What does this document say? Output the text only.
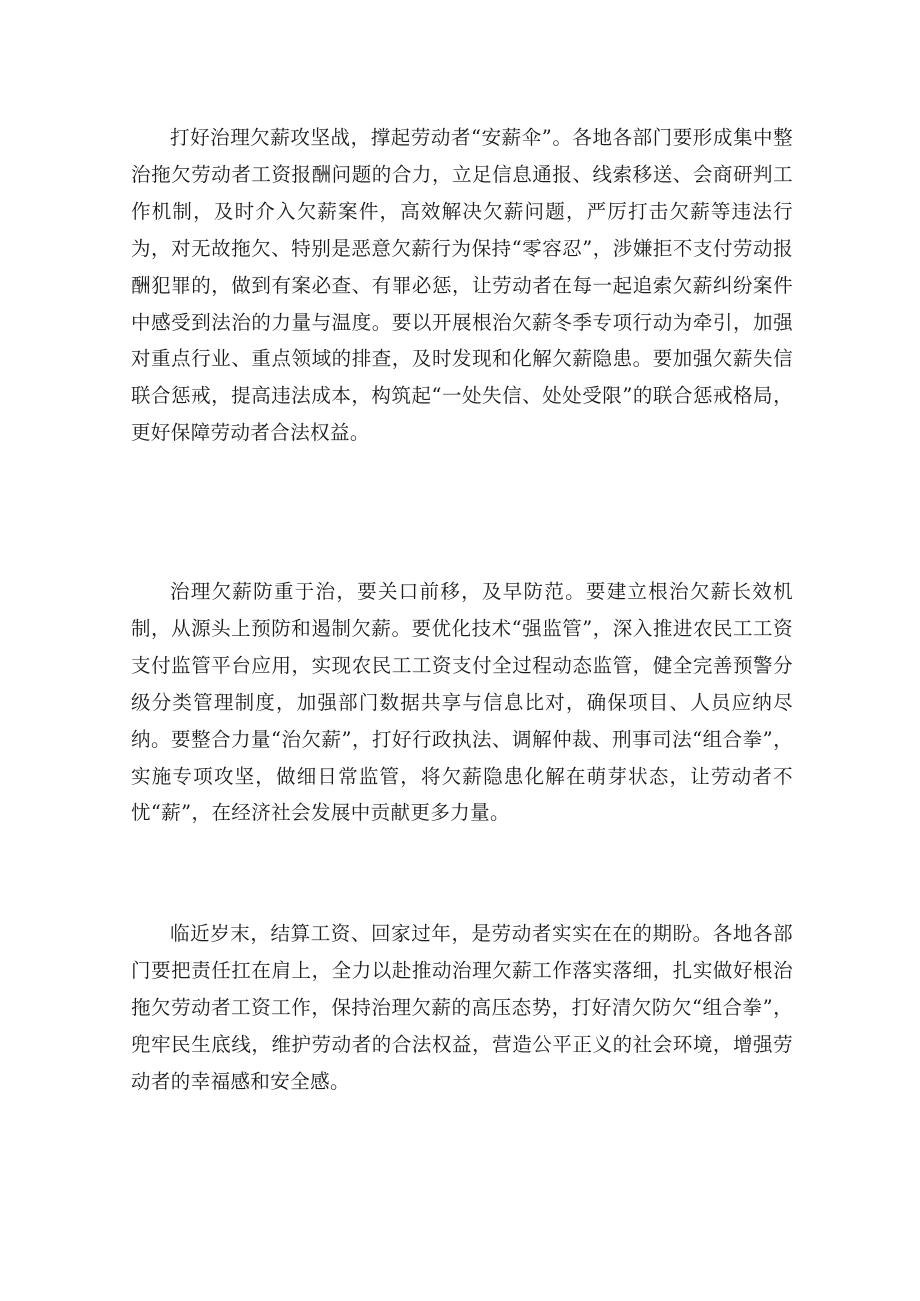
打好治理欠薪攻坚战，撑起劳动者“安薪伞”。各地各部门要形成集中整治拖欠劳动者工资报酬问题的合力，立足信息通报、线索移送、会商研判工作机制，及时介入欠薪案件，高效解决欠薪问题，严厉打击欠薪等违法行为，对无故拖欠、特别是恶意欠薪行为保持“零容忍”，涉嫌拒不支付劳动报酬犯罪的，做到有案必查、有罪必惩，让劳动者在每一起追索欠薪纠纷案件中感受到法治的力量与温度。要以开展根治欠薪冬季专项行动为牵引，加强对重点行业、重点领域的排查，及时发现和化解欠薪隐患。要加强欠薪失信联合惩戒，提高违法成本，构筑起“一处失信、处处受限”的联合惩戒格局，更好保障劳动者合法权益。

治理欠薪防重于治，要关口前移，及早防范。要建立根治欠薪长效机制，从源头上预防和遏制欠薪。要优化技术“强监管”，深入推进农民工工资支付监管平台应用，实现农民工工资支付全过程动态监管，健全完善预警分级分类管理制度，加强部门数据共享与信息比对，确保项目、人员应纳尽纳。要整合力量“治欠薪”，打好行政执法、调解仲裁、刑事司法“组合拳”，实施专项攻坚，做细日常监管，将欠薪隐患化解在萌芽状态，让劳动者不忧“薪”，在经济社会发展中贡献更多力量。

临近岁末，结算工资、回家过年，是劳动者实实在在的期盼。各地各部门要把责任扛在肩上，全力以赴推动治理欠薪工作落实落细，扎实做好根治拖欠劳动者工资工作，保持治理欠薪的高压态势，打好清欠防欠“组合拳”，兜牢民生底线，维护劳动者的合法权益，营造公平正义的社会环境，增强劳动者的幸福感和安全感。
